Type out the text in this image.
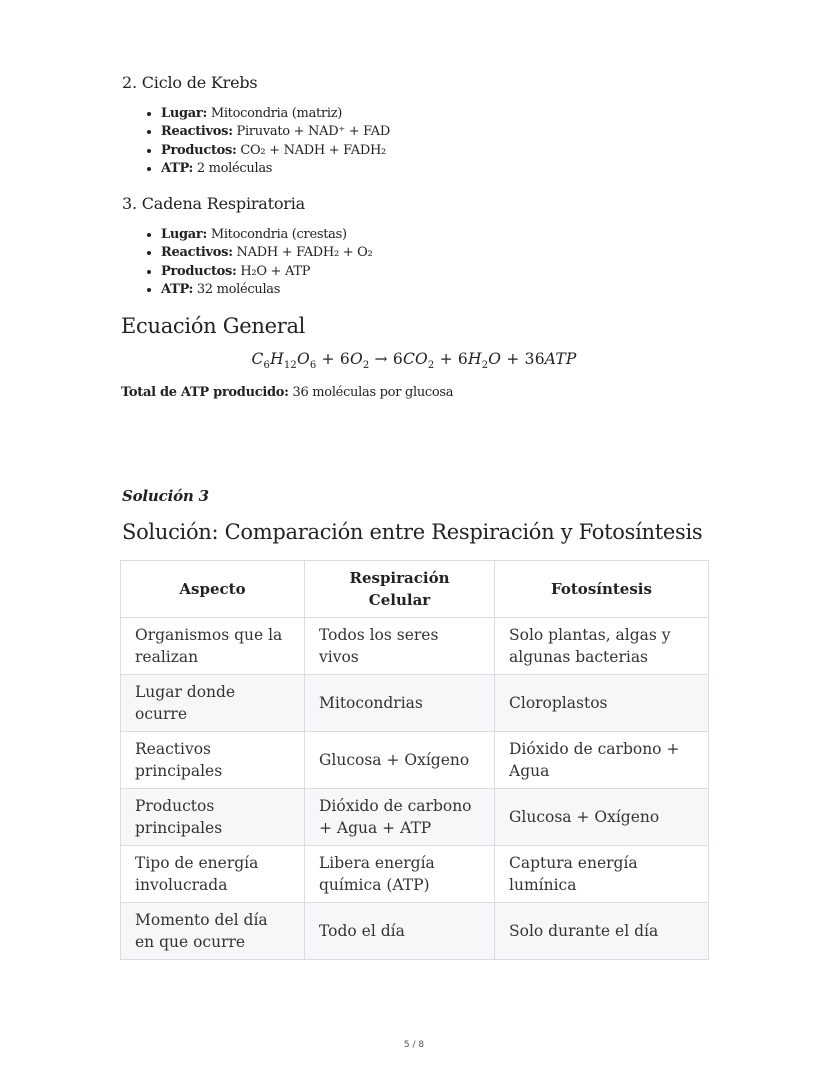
2. Ciclo de Krebs
• Lugar: Mitocondria (matriz)
• Reactivos: Piruvato + NAD⁺ + FAD
• Productos: CO₂ + NADH + FADH₂
• ATP: 2 moléculas
3. Cadena Respiratoria
• Lugar: Mitocondria (crestas)
• Reactivos: NADH + FADH₂ + O₂
• Productos: H₂O + ATP
• ATP: 32 moléculas
Ecuación General
$C_6H_{12}O_6 + 6O_2 \to 6CO_2 + 6H_2O + 36ATP$
Total de ATP producido: 36 moléculas por glucosa
Solución 3
Solución: Comparación entre Respiración y Fotosíntesis
Aspecto	Respiración Celular	Fotosíntesis
Organismos que la realizan	Todos los seres vivos	Solo plantas, algas y algunas bacterias
Lugar donde ocurre	Mitocondrias	Cloroplastos
Reactivos principales	Glucosa + Oxígeno	Dióxido de carbono + Agua
Productos principales	Dióxido de carbono + Agua + ATP	Glucosa + Oxígeno
Tipo de energía involucrada	Libera energía química (ATP)	Captura energía lumínica
Momento del día en que ocurre	Todo el día	Solo durante el día
5 / 8
